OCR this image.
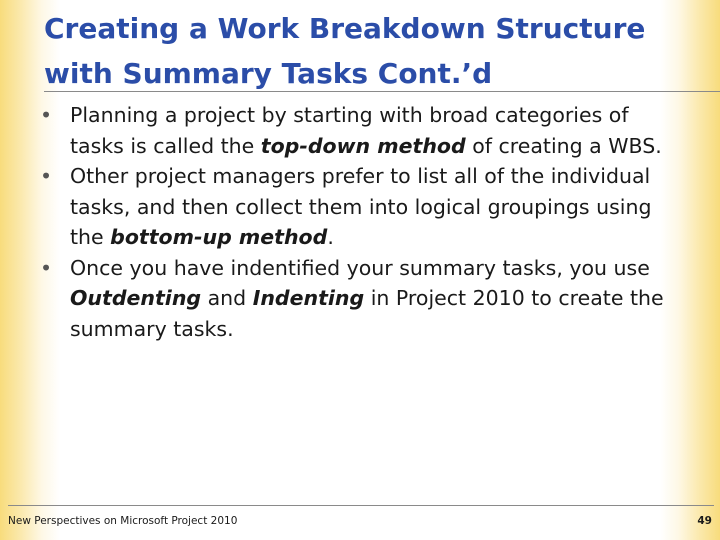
Creating a Work Breakdown Structure
with Summary Tasks Cont.’d
• Planning a project by starting with broad categories of tasks is called the top-down method of creating a WBS.
• Other project managers prefer to list all of the individual tasks, and then collect them into logical groupings using the bottom-up method.
• Once you have indentified your summary tasks, you use Outdenting and Indenting in Project 2010 to create the summary tasks.
New Perspectives on Microsoft Project 2010	49
